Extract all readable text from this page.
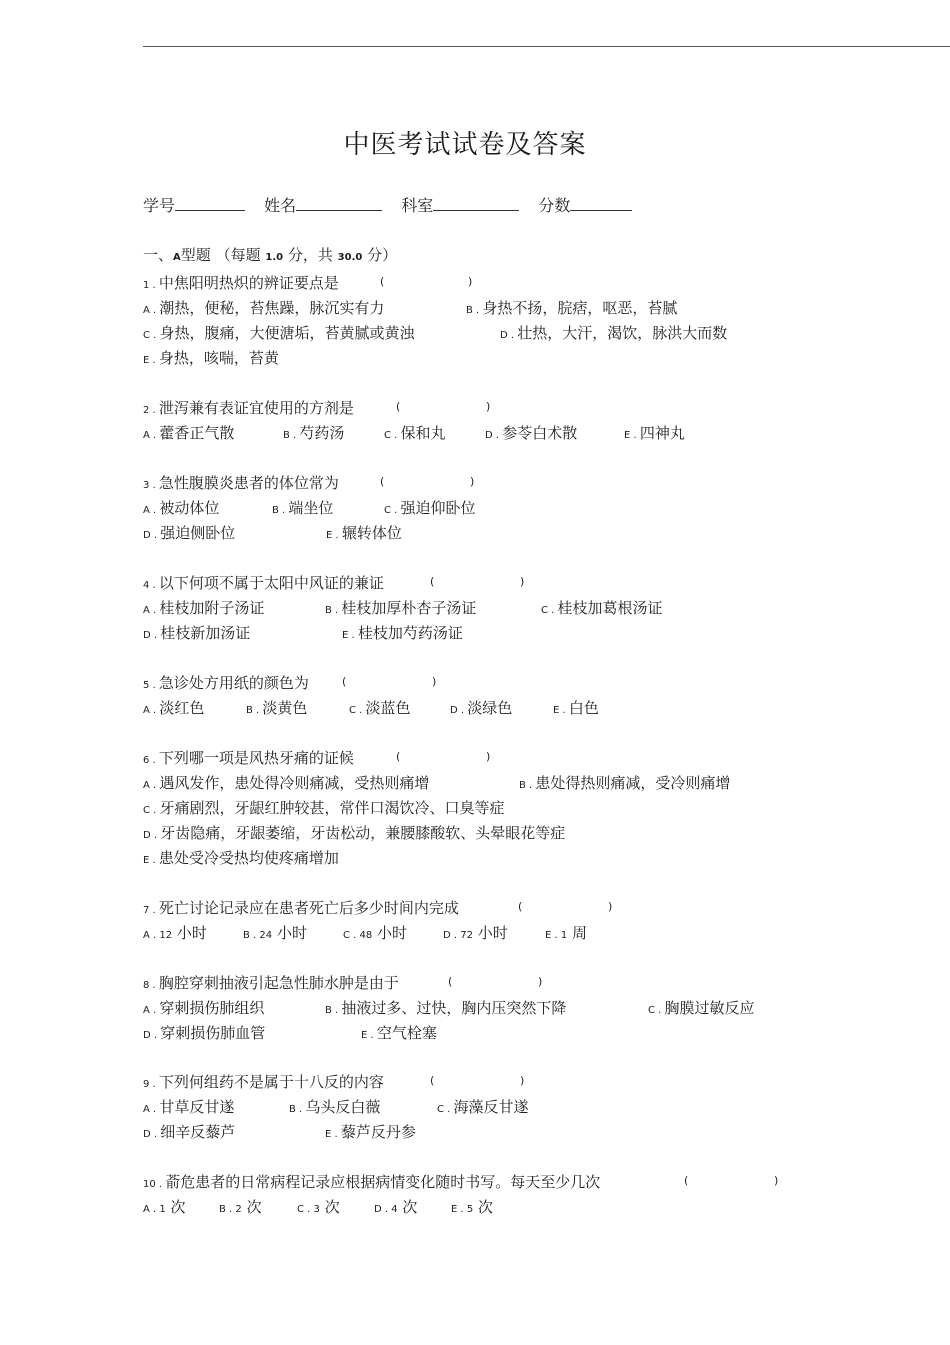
中医考试试卷及答案
学号	姓名	科室	分数
一、A型题 （每题 1.0 分，共 30.0 分）
1 . 中焦阳明热炽的辨证要点是	(	)
A . 潮热，便秘，苔焦躁，脉沉实有力	B . 身热不扬，脘痞，呕恶，苔腻
C . 身热，腹痛，大便溏垢，苔黄腻或黄浊	D . 壮热，大汗，渴饮，脉洪大而数
E . 身热，咳喘，苔黄
2 . 泄泻兼有表证宜使用的方剂是	(	)
A . 藿香正气散	B . 芍药汤	C . 保和丸	D . 参苓白术散	E . 四神丸
3 . 急性腹膜炎患者的体位常为	(	)
A . 被动体位	B . 端坐位	C . 强迫仰卧位
D . 强迫侧卧位	E . 辗转体位
4 . 以下何项不属于太阳中风证的兼证	(	)
A . 桂枝加附子汤证	B . 桂枝加厚朴杏子汤证	C . 桂枝加葛根汤证
D . 桂枝新加汤证	E . 桂枝加芍药汤证
5 . 急诊处方用纸的颜色为	(	)
A . 淡红色	B . 淡黄色	C . 淡蓝色	D . 淡绿色	E . 白色
6 . 下列哪一项是风热牙痛的证候	(	)
A . 遇风发作，患处得冷则痛减，受热则痛增	B . 患处得热则痛减，受冷则痛增
C . 牙痛剧烈，牙龈红肿较甚，常伴口渴饮冷、口臭等症
D . 牙齿隐痛，牙龈萎缩，牙齿松动，兼腰膝酸软、头晕眼花等症
E . 患处受冷受热均使疼痛增加
7 . 死亡讨论记录应在患者死亡后多少时间内完成	(	)
A . 12 小时	B . 24 小时	C . 48 小时	D . 72 小时	E . 1 周
8 . 胸腔穿刺抽液引起急性肺水肿是由于	(	)
A . 穿刺损伤肺组织	B . 抽液过多、过快，胸内压突然下降	C . 胸膜过敏反应
D . 穿刺损伤肺血管	E . 空气栓塞
9 . 下列何组药不是属于十八反的内容	(	)
A . 甘草反甘遂	B . 乌头反白薇	C . 海藻反甘遂
D . 细辛反藜芦	E . 藜芦反丹参
10 . 萮危患者的日常病程记录应根据病情变化随时书写。每天至少几次	(	)
A . 1 次	B . 2 次	C . 3 次	D . 4 次	E . 5 次
